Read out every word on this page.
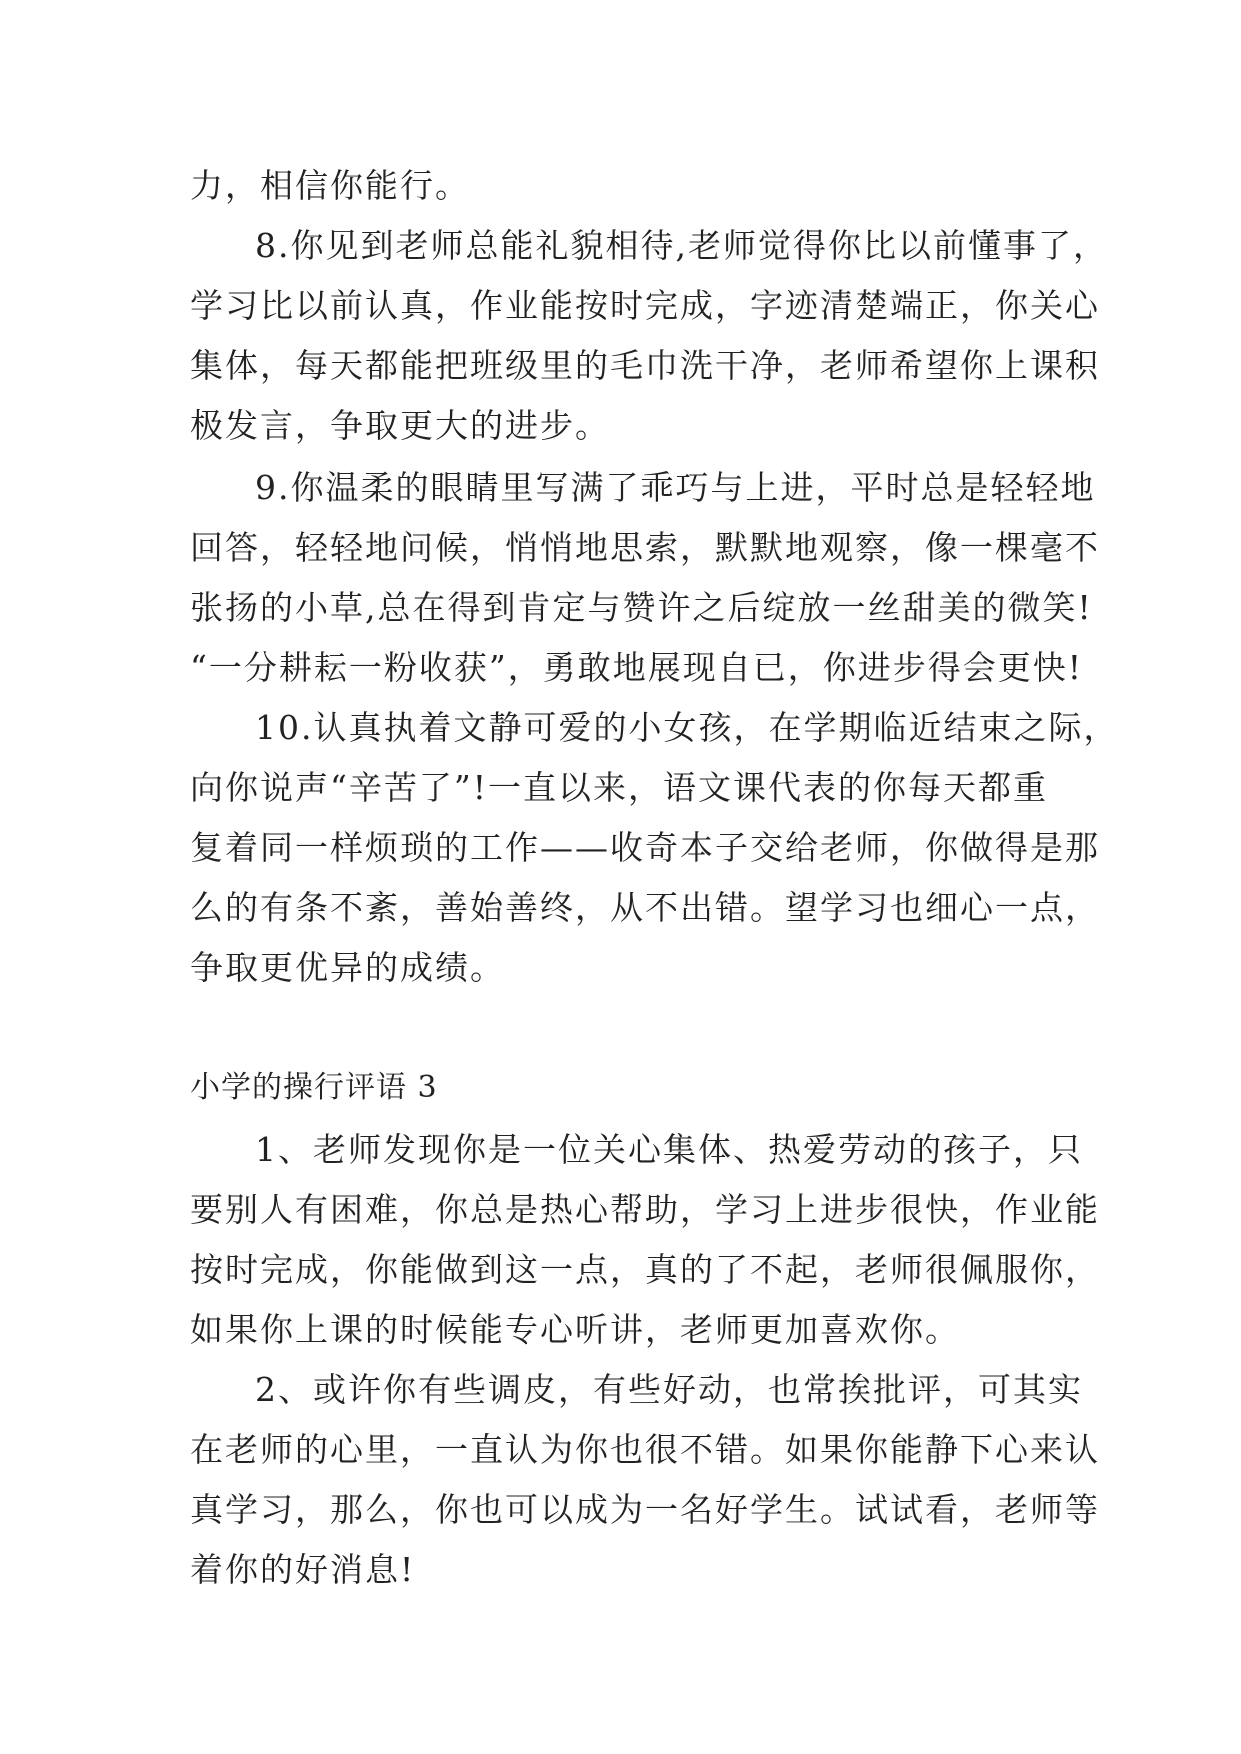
力，相信你能行。
8.你见到老师总能礼貌相待,老师觉得你比以前懂事了，
学习比以前认真，作业能按时完成，字迹清楚端正，你关心
集体，每天都能把班级里的毛巾洗干净，老师希望你上课积
极发言，争取更大的进步。
9.你温柔的眼睛里写满了乖巧与上进，平时总是轻轻地
回答，轻轻地问候，悄悄地思索，默默地观察，像一棵毫不
张扬的小草,总在得到肯定与赞许之后绽放一丝甜美的微笑!
“一分耕耘一粉收获”，勇敢地展现自已，你进步得会更快!
10.认真执着文静可爱的小女孩，在学期临近结束之际，
向你说声“辛苦了”!一直以来，语文课代表的你每天都重
复着同一样烦琐的工作——收奇本子交给老师，你做得是那
么的有条不紊，善始善终，从不出错。望学习也细心一点，
争取更优异的成绩。
小学的操行评语 3
1、老师发现你是一位关心集体、热爱劳动的孩子，只
要别人有困难，你总是热心帮助，学习上进步很快，作业能
按时完成，你能做到这一点，真的了不起，老师很佩服你，
如果你上课的时候能专心听讲，老师更加喜欢你。
2、或许你有些调皮，有些好动，也常挨批评，可其实
在老师的心里，一直认为你也很不错。如果你能静下心来认
真学习，那么，你也可以成为一名好学生。试试看，老师等
着你的好消息!
